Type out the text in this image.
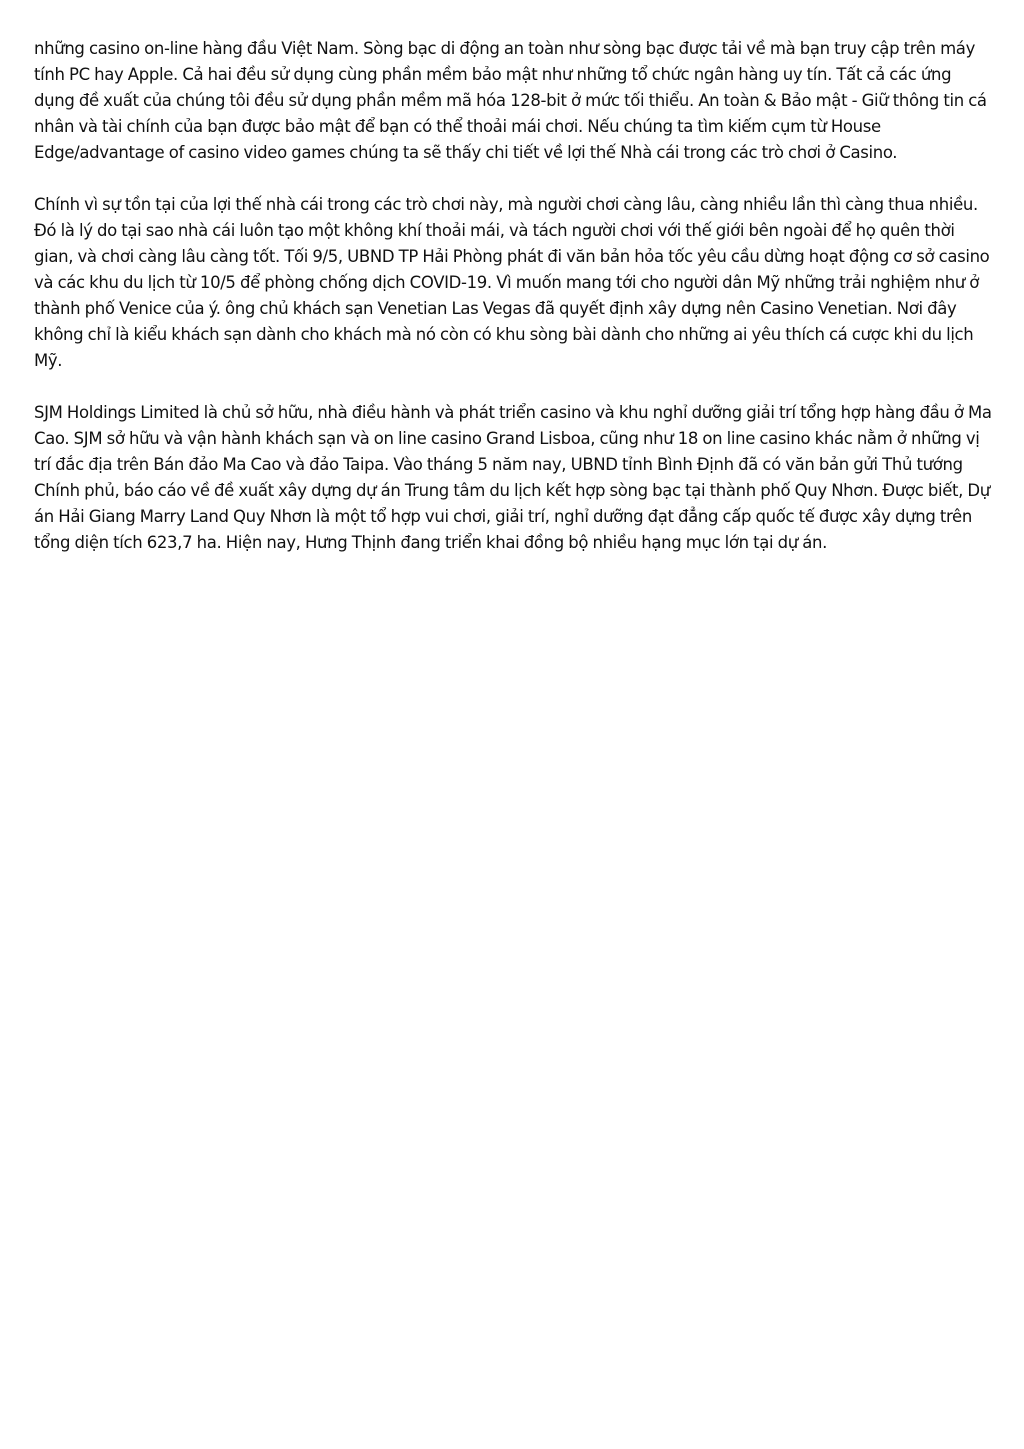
những casino on-line hàng đầu Việt Nam. Sòng bạc di động an toàn như sòng bạc được tải về mà bạn truy cập trên máy tính PC hay Apple. Cả hai đều sử dụng cùng phần mềm bảo mật như những tổ chức ngân hàng uy tín. Tất cả các ứng dụng đề xuất của chúng tôi đều sử dụng phần mềm mã hóa 128-bit ở mức tối thiểu. An toàn & Bảo mật - Giữ thông tin cá nhân và tài chính của bạn được bảo mật để bạn có thể thoải mái chơi. Nếu chúng ta tìm kiếm cụm từ House Edge/advantage of casino video games chúng ta sẽ thấy chi tiết về lợi thế Nhà cái trong các trò chơi ở Casino.

Chính vì sự tồn tại của lợi thế nhà cái trong các trò chơi này, mà người chơi càng lâu, càng nhiều lần thì càng thua nhiều. Đó là lý do tại sao nhà cái luôn tạo một không khí thoải mái, và tách người chơi với thế giới bên ngoài để họ quên thời gian, và chơi càng lâu càng tốt. Tối 9/5, UBND TP Hải Phòng phát đi văn bản hỏa tốc yêu cầu dừng hoạt động cơ sở casino và các khu du lịch từ 10/5 để phòng chống dịch COVID-19. Vì muốn mang tới cho người dân Mỹ những trải nghiệm như ở thành phố Venice của ý. ông chủ khách sạn Venetian Las Vegas đã quyết định xây dựng nên Casino Venetian. Nơi đây không chỉ là kiểu khách sạn dành cho khách mà nó còn có khu sòng bài dành cho những ai yêu thích cá cược khi du lịch Mỹ.

SJM Holdings Limited là chủ sở hữu, nhà điều hành và phát triển casino và khu nghỉ dưỡng giải trí tổng hợp hàng đầu ở Ma Cao. SJM sở hữu và vận hành khách sạn và on line casino Grand Lisboa, cũng như 18 on line casino khác nằm ở những vị trí đắc địa trên Bán đảo Ma Cao và đảo Taipa. Vào tháng 5 năm nay, UBND tỉnh Bình Định đã có văn bản gửi Thủ tướng Chính phủ, báo cáo về đề xuất xây dựng dự án Trung tâm du lịch kết hợp sòng bạc tại thành phố Quy Nhơn. Được biết, Dự án Hải Giang Marry Land Quy Nhơn là một tổ hợp vui chơi, giải trí, nghỉ dưỡng đạt đẳng cấp quốc tế được xây dựng trên tổng diện tích 623,7 ha. Hiện nay, Hưng Thịnh đang triển khai đồng bộ nhiều hạng mục lớn tại dự án.
